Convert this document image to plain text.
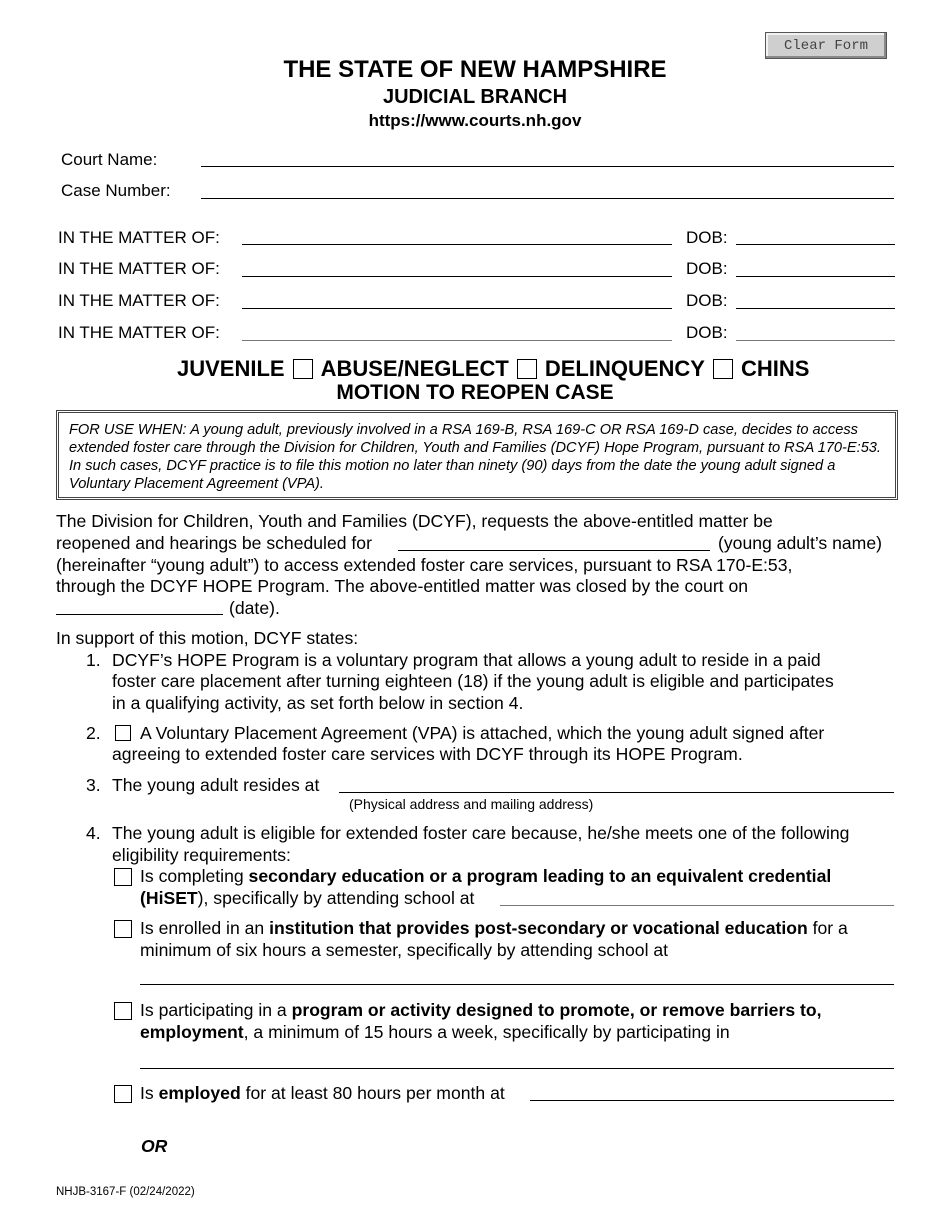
Clear Form
THE STATE OF NEW HAMPSHIRE
JUDICIAL BRANCH
https://www.courts.nh.gov
Court Name:
Case Number:
IN THE MATTER OF:	DOB:
IN THE MATTER OF:	DOB:
IN THE MATTER OF:	DOB:
IN THE MATTER OF:	DOB:
JUVENILE ABUSE/NEGLECT DELINQUENCY CHINS
MOTION TO REOPEN CASE
FOR USE WHEN: A young adult, previously involved in a RSA 169-B, RSA 169-C OR RSA 169-D case, decides to access extended foster care through the Division for Children, Youth and Families (DCYF) Hope Program, pursuant to RSA 170-E:53. In such cases, DCYF practice is to file this motion no later than ninety (90) days from the date the young adult signed a Voluntary Placement Agreement (VPA).
The Division for Children, Youth and Families (DCYF), requests the above-entitled matter be
reopened and hearings be scheduled for	(young adult’s name)
(hereinafter “young adult”) to access extended foster care services, pursuant to RSA 170-E:53,
through the DCYF HOPE Program. The above-entitled matter was closed by the court on
(date).
In support of this motion, DCYF states:
1. DCYF’s HOPE Program is a voluntary program that allows a young adult to reside in a paid
foster care placement after turning eighteen (18) if the young adult is eligible and participates
in a qualifying activity, as set forth below in section 4.
2. A Voluntary Placement Agreement (VPA) is attached, which the young adult signed after
agreeing to extended foster care services with DCYF through its HOPE Program.
3. The young adult resides at
(Physical address and mailing address)
4. The young adult is eligible for extended foster care because, he/she meets one of the following
eligibility requirements:
Is completing secondary education or a program leading to an equivalent credential
(HiSET), specifically by attending school at
Is enrolled in an institution that provides post-secondary or vocational education for a
minimum of six hours a semester, specifically by attending school at
Is participating in a program or activity designed to promote, or remove barriers to,
employment, a minimum of 15 hours a week, specifically by participating in
Is employed for at least 80 hours per month at
OR
NHJB-3167-F (02/24/2022)
